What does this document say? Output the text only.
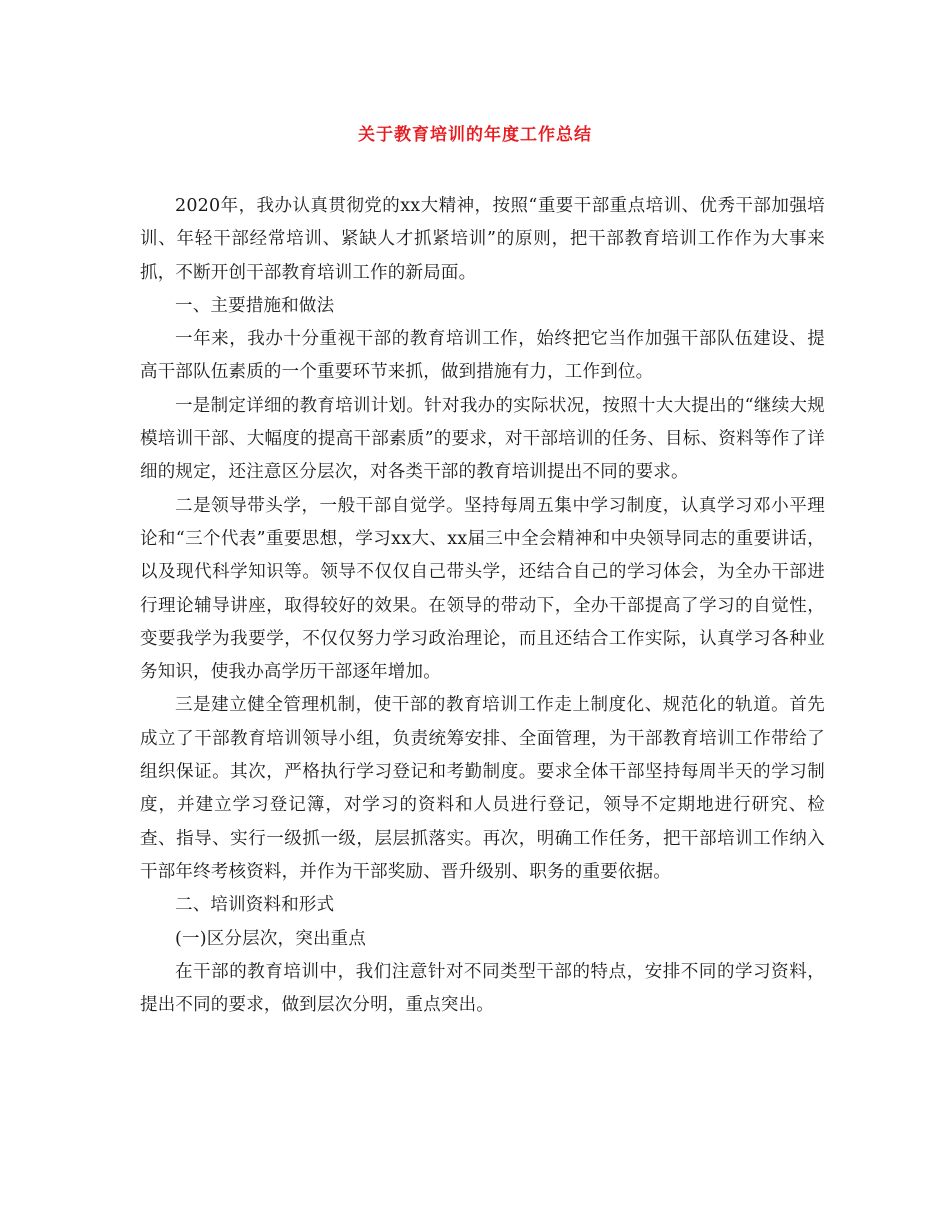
关于教育培训的年度工作总结

2020年，我办认真贯彻党的xx大精神，按照“重要干部重点培训、优秀干部加强培训、年轻干部经常培训、紧缺人才抓紧培训”的原则，把干部教育培训工作作为大事来抓，不断开创干部教育培训工作的新局面。

一、主要措施和做法

一年来，我办十分重视干部的教育培训工作，始终把它当作加强干部队伍建设、提高干部队伍素质的一个重要环节来抓，做到措施有力，工作到位。

一是制定详细的教育培训计划。针对我办的实际状况，按照十大大提出的“继续大规模培训干部、大幅度的提高干部素质”的要求，对干部培训的任务、目标、资料等作了详细的规定，还注意区分层次，对各类干部的教育培训提出不同的要求。

二是领导带头学，一般干部自觉学。坚持每周五集中学习制度，认真学习邓小平理论和“三个代表”重要思想，学习xx大、xx届三中全会精神和中央领导同志的重要讲话，以及现代科学知识等。领导不仅仅自己带头学，还结合自己的学习体会，为全办干部进行理论辅导讲座，取得较好的效果。在领导的带动下，全办干部提高了学习的自觉性，变要我学为我要学，不仅仅努力学习政治理论，而且还结合工作实际，认真学习各种业务知识，使我办高学历干部逐年增加。

三是建立健全管理机制，使干部的教育培训工作走上制度化、规范化的轨道。首先成立了干部教育培训领导小组，负责统筹安排、全面管理，为干部教育培训工作带给了组织保证。其次，严格执行学习登记和考勤制度。要求全体干部坚持每周半天的学习制度，并建立学习登记簿，对学习的资料和人员进行登记，领导不定期地进行研究、检查、指导、实行一级抓一级，层层抓落实。再次，明确工作任务，把干部培训工作纳入干部年终考核资料，并作为干部奖励、晋升级别、职务的重要依据。

二、培训资料和形式

(一)区分层次，突出重点

在干部的教育培训中，我们注意针对不同类型干部的特点，安排不同的学习资料，提出不同的要求，做到层次分明，重点突出。
